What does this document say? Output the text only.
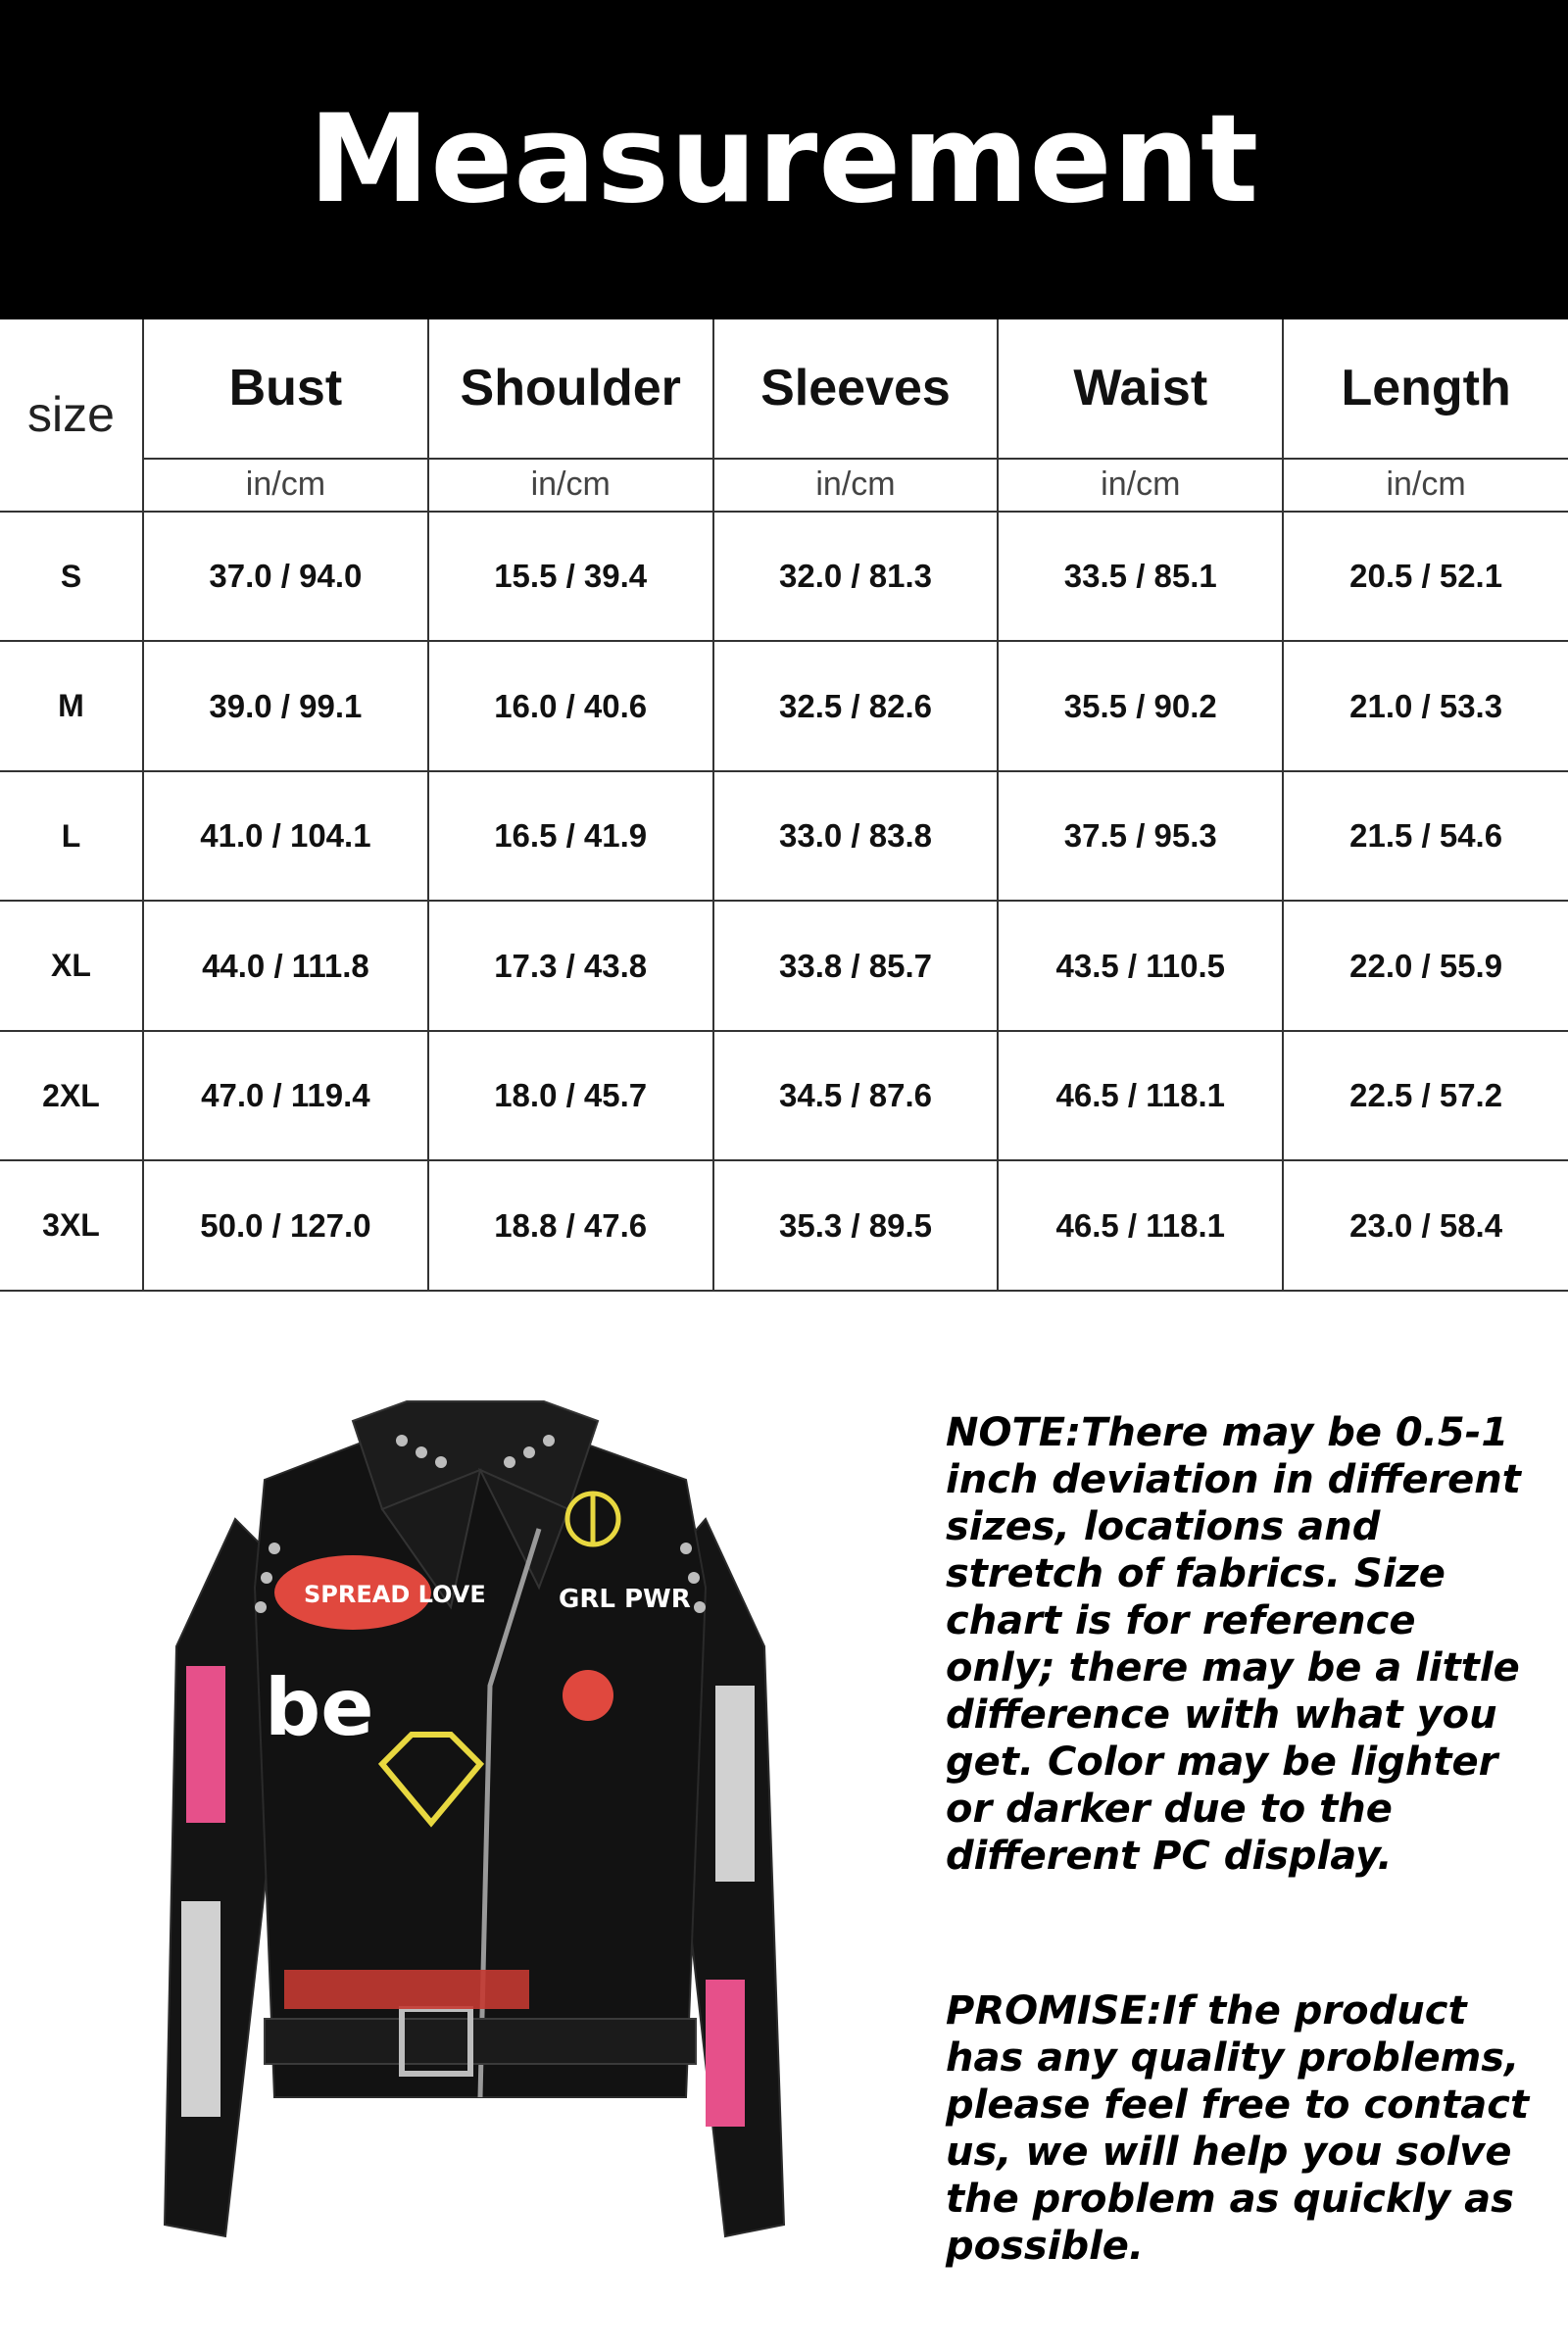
Measurement
size	Bust	Shoulder	Sleeves	Waist	Length
	in/cm	in/cm	in/cm	in/cm	in/cm
S	37.0 / 94.0	15.5 / 39.4	32.0 / 81.3	33.5 / 85.1	20.5 / 52.1
M	39.0 / 99.1	16.0 / 40.6	32.5 / 82.6	35.5 / 90.2	21.0 / 53.3
L	41.0 / 104.1	16.5 / 41.9	33.0 / 83.8	37.5 / 95.3	21.5 / 54.6
XL	44.0 / 111.8	17.3 / 43.8	33.8 / 85.7	43.5 / 110.5	22.0 / 55.9
2XL	47.0 / 119.4	18.0 / 45.7	34.5 / 87.6	46.5 / 118.1	22.5 / 57.2
3XL	50.0 / 127.0	18.8 / 47.6	35.3 / 89.5	46.5 / 118.1	23.0 / 58.4
SPREAD LOVE
be
GRL PWR

NOTE:There may be 0.5-1 inch deviation in different sizes, locations and stretch of fabrics. Size chart is for reference only; there may be a little difference with what you get. Color may be lighter or darker due to the different PC display.

PROMISE:If the product has any quality problems, please feel free to contact us, we will help you solve the problem as quickly as possible.
